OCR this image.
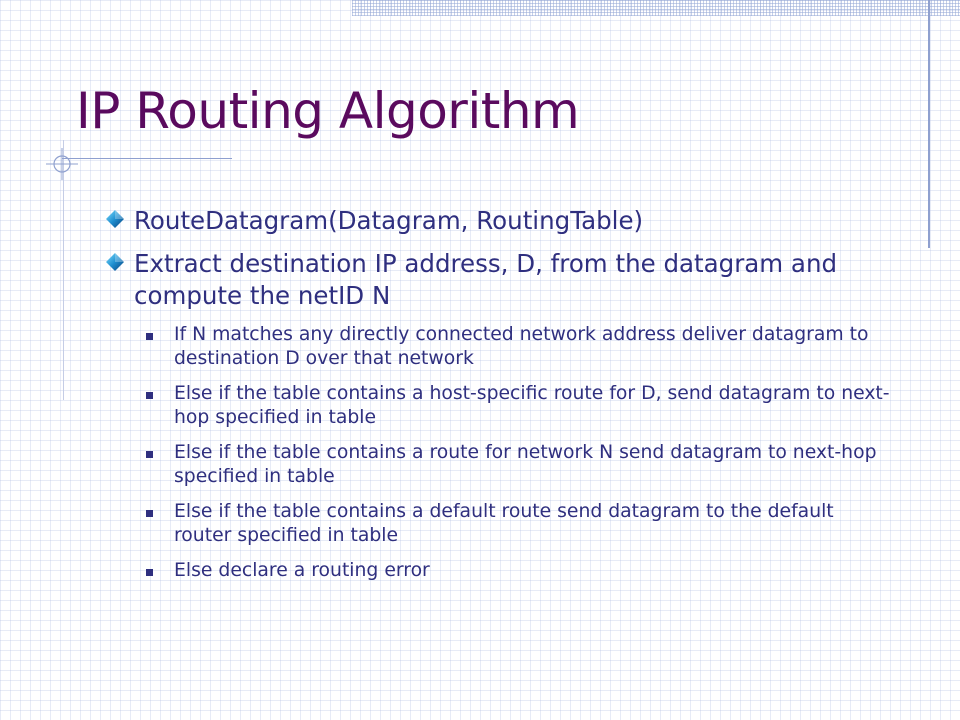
IP Routing Algorithm
RouteDatagram(Datagram, RoutingTable)
Extract destination IP address, D, from the datagram and compute the netID N
If N matches any directly connected network address deliver datagram to destination D over that network
Else if the table contains a host-specific route for D, send datagram to next-hop specified in table
Else if the table contains a route for network N send datagram to next-hop specified in table
Else if the table contains a default route send datagram to the default router specified in table
Else declare a routing error
